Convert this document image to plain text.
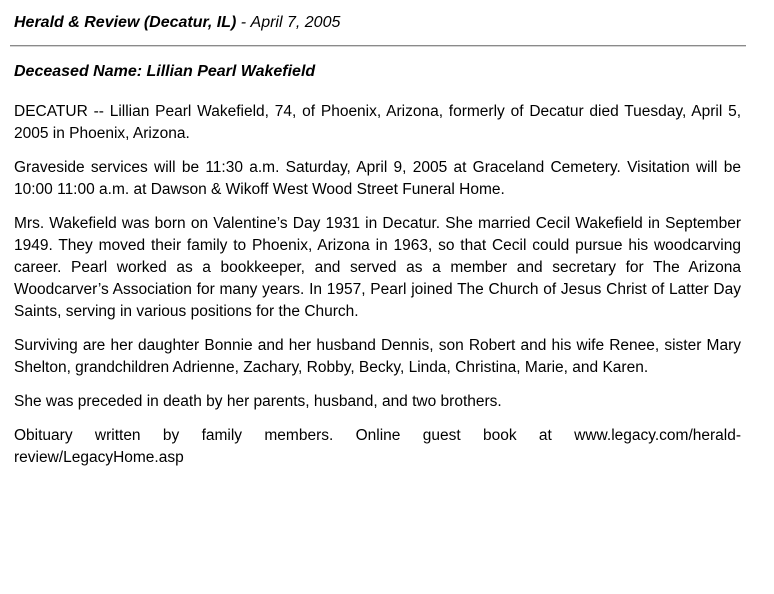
Herald & Review (Decatur, IL) - April 7, 2005
Deceased Name: Lillian Pearl Wakefield

DECATUR -- Lillian Pearl Wakefield, 74, of Phoenix, Arizona, formerly of Decatur died Tuesday, April 5, 2005 in Phoenix, Arizona.

Graveside services will be 11:30 a.m. Saturday, April 9, 2005 at Graceland Cemetery. Visitation will be 10:00 11:00 a.m. at Dawson & Wikoff West Wood Street Funeral Home.

Mrs. Wakefield was born on Valentine’s Day 1931 in Decatur. She married Cecil Wakefield in September 1949. They moved their family to Phoenix, Arizona in 1963, so that Cecil could pursue his woodcarving career. Pearl worked as a bookkeeper, and served as a member and secretary for The Arizona Woodcarver’s Association for many years. In 1957, Pearl joined The Church of Jesus Christ of Latter Day Saints, serving in various positions for the Church.

Surviving are her daughter Bonnie and her husband Dennis, son Robert and his wife Renee, sister Mary Shelton, grandchildren Adrienne, Zachary, Robby, Becky, Linda, Christina, Marie, and Karen.

She was preceded in death by her parents, husband, and two brothers.

Obituary written by family members. Online guest book at www.legacy.com/herald-review/LegacyHome.asp
